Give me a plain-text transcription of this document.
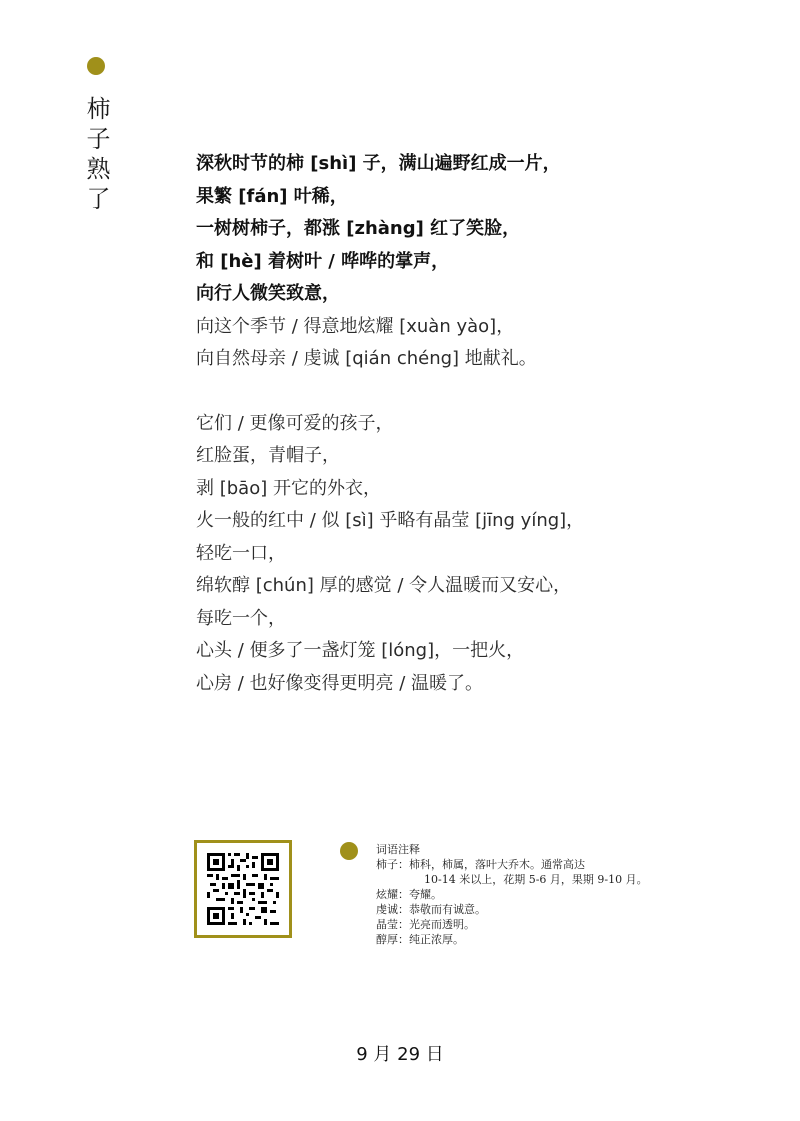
柿子熟了	深秋时节的柿 [shì] 子，满山遍野红成一片，
果繁 [fán] 叶稀，
一树树柿子，都涨 [zhàng] 红了笑脸，
和 [hè] 着树叶 / 哗哗的掌声，
向行人微笑致意，
向这个季节 / 得意地炫耀 [xuàn yào]，
向自然母亲 / 虔诚 [qián chéng] 地献礼。
它们 / 更像可爱的孩子，
红脸蛋，青帽子，
剥 [bāo] 开它的外衣，
火一般的红中 / 似 [sì] 乎略有晶莹 [jīng yíng]，
轻吃一口，
绵软醇 [chún] 厚的感觉 / 令人温暖而又安心，
每吃一个，
心头 / 便多了一盏灯笼 [lóng]，一把火，
心房 / 也好像变得更明亮 / 温暖了。
词语注释
柿子：柿科，柿属，落叶大乔木。通常高达
10-14 米以上，花期 5-6 月，果期 9-10 月。
炫耀：夸耀。
虔诚：恭敬而有诚意。
晶莹：光亮而透明。
醇厚：纯正浓厚。
9 月 29 日
